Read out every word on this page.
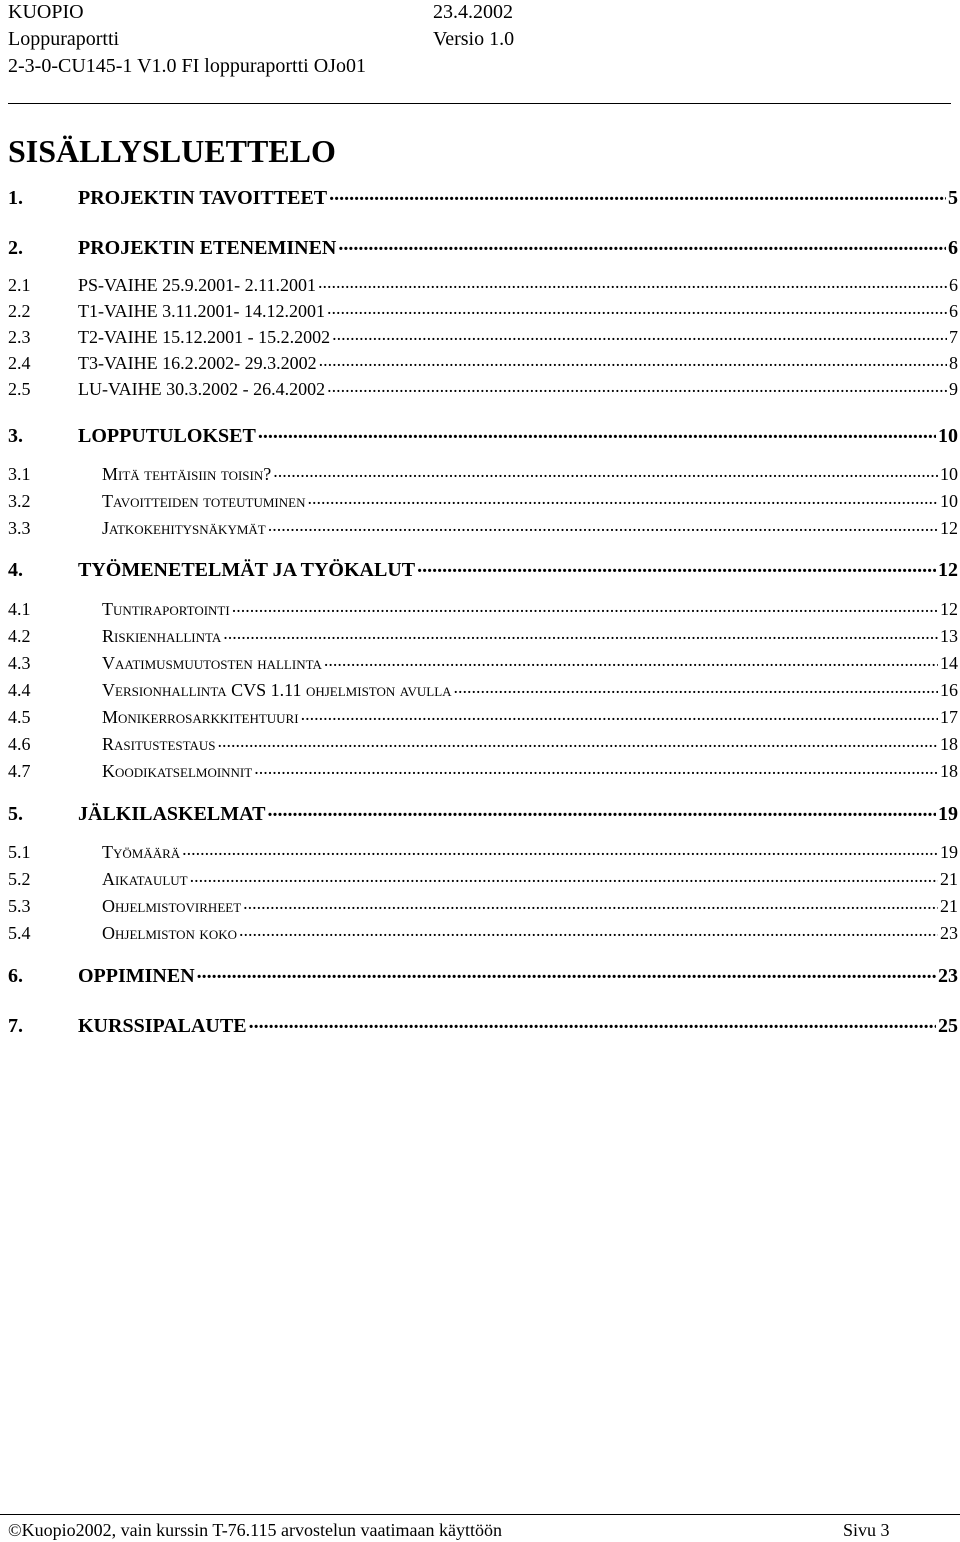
KUOPIO	23.4.2002
Loppuraportti	Versio 1.0
2-3-0-CU145-1 V1.0 FI loppuraportti OJo01
SISÄLLYSLUETTELO
1.	PROJEKTIN TAVOITTEET .....	5
2.	PROJEKTIN ETENEMINEN .....	6
2.1	PS-VAIHE 25.9.2001- 2.11.2001 .....	6
2.2	T1-VAIHE 3.11.2001- 14.12.2001 .....	6
2.3	T2-VAIHE 15.12.2001 - 15.2.2002 .....	7
2.4	T3-VAIHE 16.2.2002- 29.3.2002 .....	8
2.5	LU-VAIHE 30.3.2002 - 26.4.2002 .....	9
3.	LOPPUTULOKSET .....	10
3.1	Mitä tehtäisiin toisin? .....	10
3.2	Tavoitteiden toteutuminen .....	10
3.3	Jatkokehitysnäkymät .....	12
4.	TYÖMENETELMÄT JA TYÖKALUT .....	12
4.1	Tuntiraportointi .....	12
4.2	Riskienhallinta .....	13
4.3	Vaatimusmuutosten hallinta .....	14
4.4	Versionhallinta CVS 1.11 ohjelmiston avulla .....	16
4.5	Monikerrosarkkitehtuuri .....	17
4.6	Rasitustestaus .....	18
4.7	Koodikatselmoinnit .....	18
5.	JÄLKILASKELMAT .....	19
5.1	Työmäärä .....	19
5.2	Aikataulut .....	21
5.3	Ohjelmistovirheet .....	21
5.4	Ohjelmiston koko .....	23
6.	OPPIMINEN .....	23
7.	KURSSIPALAUTE .....	25
©Kuopio2002, vain kurssin T-76.115 arvostelun vaatimaan käyttöön	Sivu 3
